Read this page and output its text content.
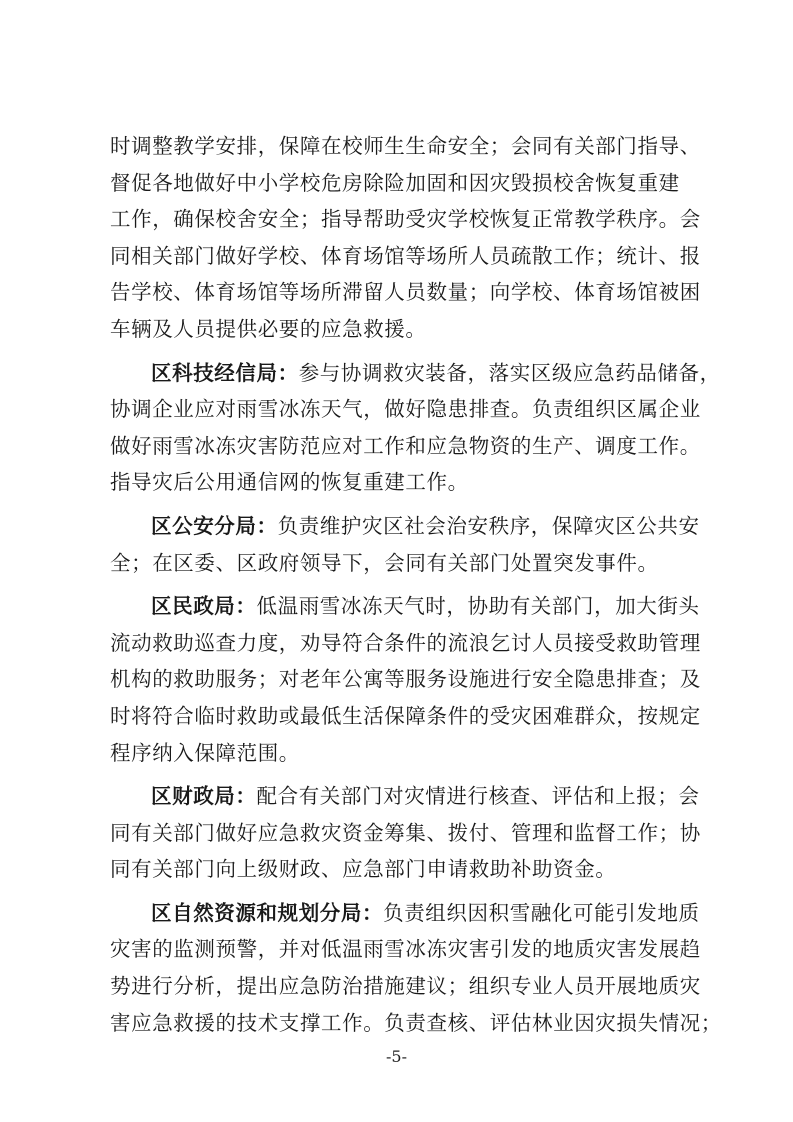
时调整教学安排，保障在校师生生命安全；会同有关部门指导、
督促各地做好中小学校危房除险加固和因灾毁损校舍恢复重建
工作，确保校舍安全；指导帮助受灾学校恢复正常教学秩序。会
同相关部门做好学校、体育场馆等场所人员疏散工作；统计、报
告学校、体育场馆等场所滞留人员数量；向学校、体育场馆被困
车辆及人员提供必要的应急救援。
区科技经信局：参与协调救灾装备，落实区级应急药品储备，
协调企业应对雨雪冰冻天气，做好隐患排查。负责组织区属企业
做好雨雪冰冻灾害防范应对工作和应急物资的生产、调度工作。
指导灾后公用通信网的恢复重建工作。
区公安分局：负责维护灾区社会治安秩序，保障灾区公共安
全；在区委、区政府领导下，会同有关部门处置突发事件。
区民政局：低温雨雪冰冻天气时，协助有关部门，加大街头
流动救助巡查力度，劝导符合条件的流浪乞讨人员接受救助管理
机构的救助服务；对老年公寓等服务设施进行安全隐患排查；及
时将符合临时救助或最低生活保障条件的受灾困难群众，按规定
程序纳入保障范围。
区财政局：配合有关部门对灾情进行核查、评估和上报；会
同有关部门做好应急救灾资金筹集、拨付、管理和监督工作；协
同有关部门向上级财政、应急部门申请救助补助资金。
区自然资源和规划分局：负责组织因积雪融化可能引发地质
灾害的监测预警，并对低温雨雪冰冻灾害引发的地质灾害发展趋
势进行分析，提出应急防治措施建议；组织专业人员开展地质灾
害应急救援的技术支撑工作。负责查核、评估林业因灾损失情况；
-5-
